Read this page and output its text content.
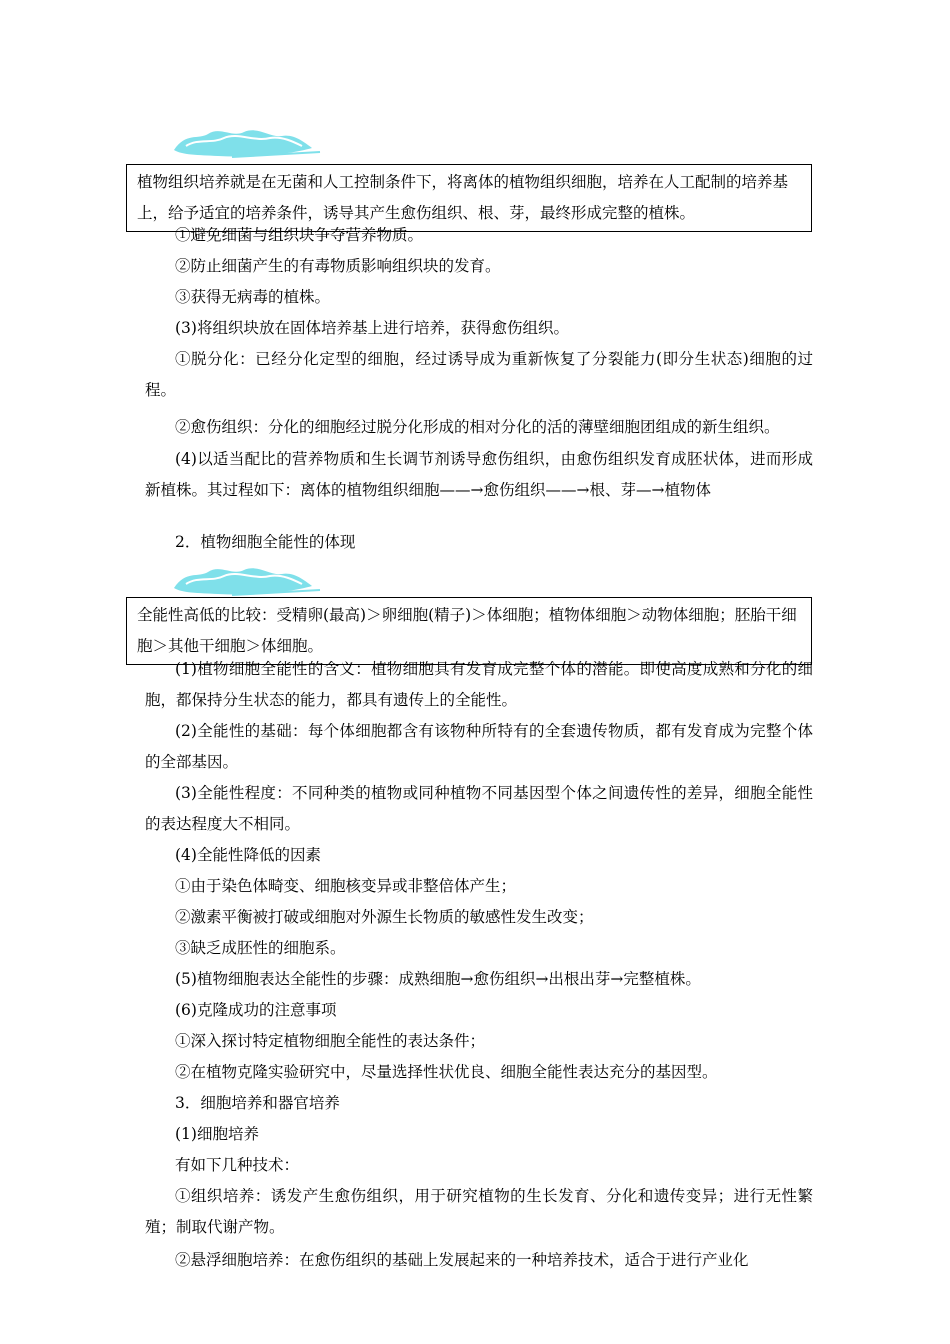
植物组织培养就是在无菌和人工控制条件下，将离体的植物组织细胞，培养在人工配制的培养基上，给予适宜的培养条件，诱导其产生愈伤组织、根、芽，最终形成完整的植株。
①避免细菌与组织块争夺营养物质。
②防止细菌产生的有毒物质影响组织块的发育。
③获得无病毒的植株。
(3)将组织块放在固体培养基上进行培养，获得愈伤组织。
①脱分化：已经分化定型的细胞，经过诱导成为重新恢复了分裂能力(即分生状态)细胞的过程。
②愈伤组织：分化的细胞经过脱分化形成的相对分化的活的薄壁细胞团组成的新生组织。
(4)以适当配比的营养物质和生长调节剂诱导愈伤组织，由愈伤组织发育成胚状体，进而形成新植株。其过程如下：离体的植物组织细胞——→愈伤组织——→根、芽—→植物体
2．植物细胞全能性的体现
全能性高低的比较：受精卵(最高)＞卵细胞(精子)＞体细胞；植物体细胞＞动物体细胞；胚胎干细胞＞其他干细胞＞体细胞。
(1)植物细胞全能性的含义：植物细胞具有发育成完整个体的潜能。即使高度成熟和分化的细胞，都保持分生状态的能力，都具有遗传上的全能性。
(2)全能性的基础：每个体细胞都含有该物种所特有的全套遗传物质，都有发育成为完整个体的全部基因。
(3)全能性程度：不同种类的植物或同种植物不同基因型个体之间遗传性的差异，细胞全能性的表达程度大不相同。
(4)全能性降低的因素
①由于染色体畸变、细胞核变异或非整倍体产生；
②激素平衡被打破或细胞对外源生长物质的敏感性发生改变；
③缺乏成胚性的细胞系。
(5)植物细胞表达全能性的步骤：成熟细胞→愈伤组织→出根出芽→完整植株。
(6)克隆成功的注意事项
①深入探讨特定植物细胞全能性的表达条件；
②在植物克隆实验研究中，尽量选择性状优良、细胞全能性表达充分的基因型。
3．细胞培养和器官培养
(1)细胞培养
有如下几种技术：
①组织培养：诱发产生愈伤组织，用于研究植物的生长发育、分化和遗传变异；进行无性繁殖；制取代谢产物。
②悬浮细胞培养：在愈伤组织的基础上发展起来的一种培养技术，适合于进行产业化
